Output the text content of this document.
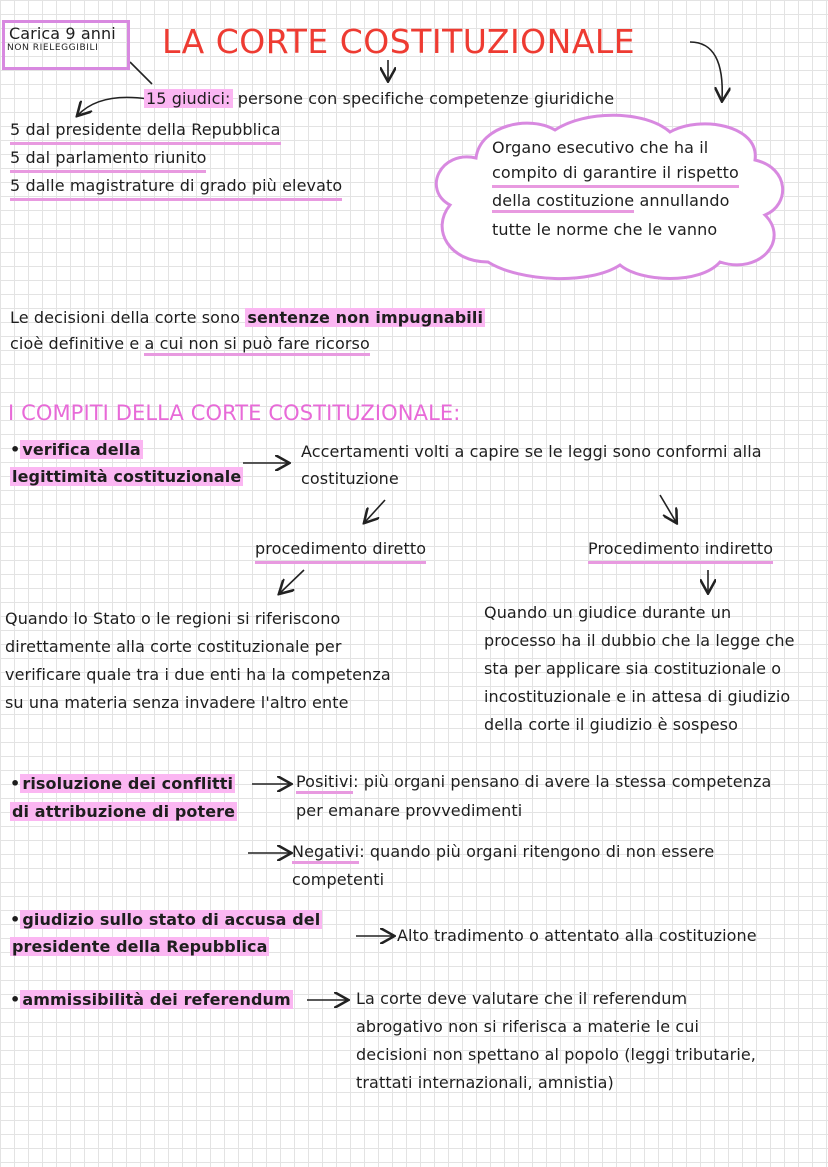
Carica 9 anni
NON RIELEGGIBILI LA CORTE COSTITUZIONALE
15 giudici: persone con specifiche competenze giuridiche
5 dal presidente della Repubblica
5 dal parlamento riunito
5 dalle magistrature di grado più elevato
Organo esecutivo che ha il
compito di garantire il rispetto
della costituzione annullando
tutte le norme che le vanno
Le decisioni della corte sono sentenze non impugnabili
cioè definitive e a cui non si può fare ricorso
I COMPITI DELLA CORTE COSTITUZIONALE:
• verifica della
legittimità costituzionale
Accertamenti volti a capire se le leggi sono conformi alla
costituzione
procedimento diretto	Procedimento indiretto
Quando lo Stato o le regioni si riferiscono
direttamente alla corte costituzionale per
verificare quale tra i due enti ha la competenza
su una materia senza invadere l'altro ente
Quando un giudice durante un
processo ha il dubbio che la legge che
sta per applicare sia costituzionale o
incostituzionale e in attesa di giudizio
della corte il giudizio è sospeso
• risoluzione dei conflitti
di attribuzione di potere
Positivi: più organi pensano di avere la stessa competenza
per emanare provvedimenti
Negativi: quando più organi ritengono di non essere
competenti
• giudizio sullo stato di accusa del
presidente della Repubblica
Alto tradimento o attentato alla costituzione
• ammissibilità dei referendum	La corte deve valutare che il referendum
abrogativo non si riferisca a materie le cui
decisioni non spettano al popolo (leggi tributarie,
trattati internazionali, amnistia)
